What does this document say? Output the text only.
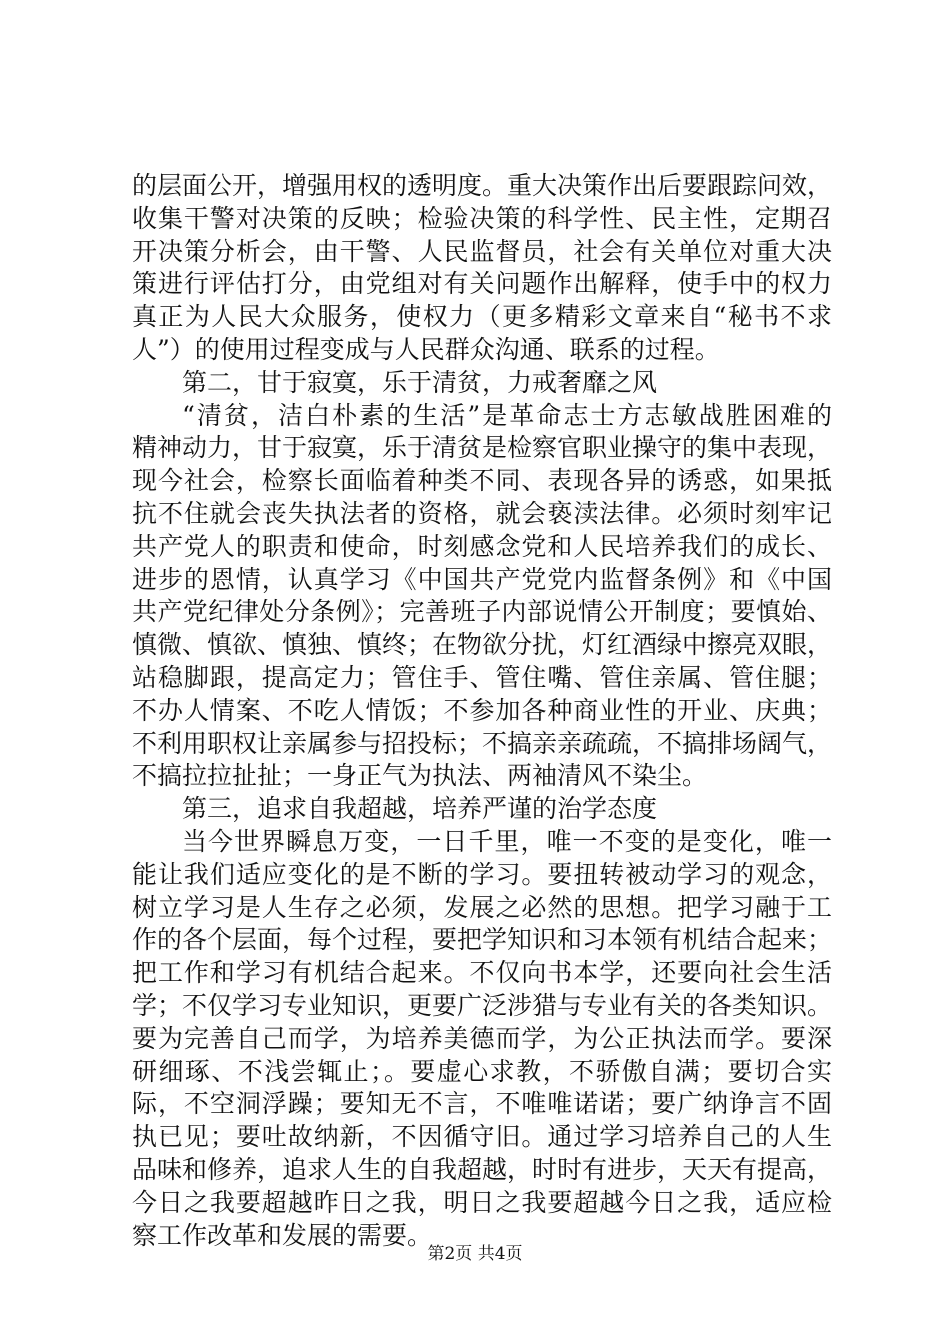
的层面公开，增强用权的透明度。重大决策作出后要跟踪问效，
收集干警对决策的反映；检验决策的科学性、民主性，定期召
开决策分析会，由干警、人民监督员，社会有关单位对重大决
策进行评估打分，由党组对有关问题作出解释，使手中的权力
真正为人民大众服务，使权力（更多精彩文章来自“秘书不求
人”）的使用过程变成与人民群众沟通、联系的过程。
第二，甘于寂寞，乐于清贫，力戒奢靡之风
“清贫，洁白朴素的生活”是革命志士方志敏战胜困难的
精神动力，甘于寂寞，乐于清贫是检察官职业操守的集中表现，
现今社会，检察长面临着种类不同、表现各异的诱惑，如果抵
抗不住就会丧失执法者的资格，就会亵渎法律。必须时刻牢记
共产党人的职责和使命，时刻感念党和人民培养我们的成长、
进步的恩情，认真学习《中国共产党党内监督条例》和《中国
共产党纪律处分条例》；完善班子内部说情公开制度；要慎始、
慎微、慎欲、慎独、慎终；在物欲分扰，灯红酒绿中擦亮双眼，
站稳脚跟，提高定力；管住手、管住嘴、管住亲属、管住腿；
不办人情案、不吃人情饭；不参加各种商业性的开业、庆典；
不利用职权让亲属参与招投标；不搞亲亲疏疏，不搞排场阔气，
不搞拉拉扯扯；一身正气为执法、两袖清风不染尘。
第三，追求自我超越，培养严谨的治学态度
当今世界瞬息万变，一日千里，唯一不变的是变化，唯一
能让我们适应变化的是不断的学习。要扭转被动学习的观念，
树立学习是人生存之必须，发展之必然的思想。把学习融于工
作的各个层面，每个过程，要把学知识和习本领有机结合起来；
把工作和学习有机结合起来。不仅向书本学，还要向社会生活
学；不仅学习专业知识，更要广泛涉猎与专业有关的各类知识。
要为完善自己而学，为培养美德而学，为公正执法而学。要深
研细琢、不浅尝辄止；。要虚心求教，不骄傲自满；要切合实
际，不空洞浮躁；要知无不言，不唯唯诺诺；要广纳诤言不固
执已见；要吐故纳新，不因循守旧。通过学习培养自己的人生
品味和修养，追求人生的自我超越，时时有进步，天天有提高，
今日之我要超越昨日之我，明日之我要超越今日之我，适应检
察工作改革和发展的需要。
第2页 共4页
